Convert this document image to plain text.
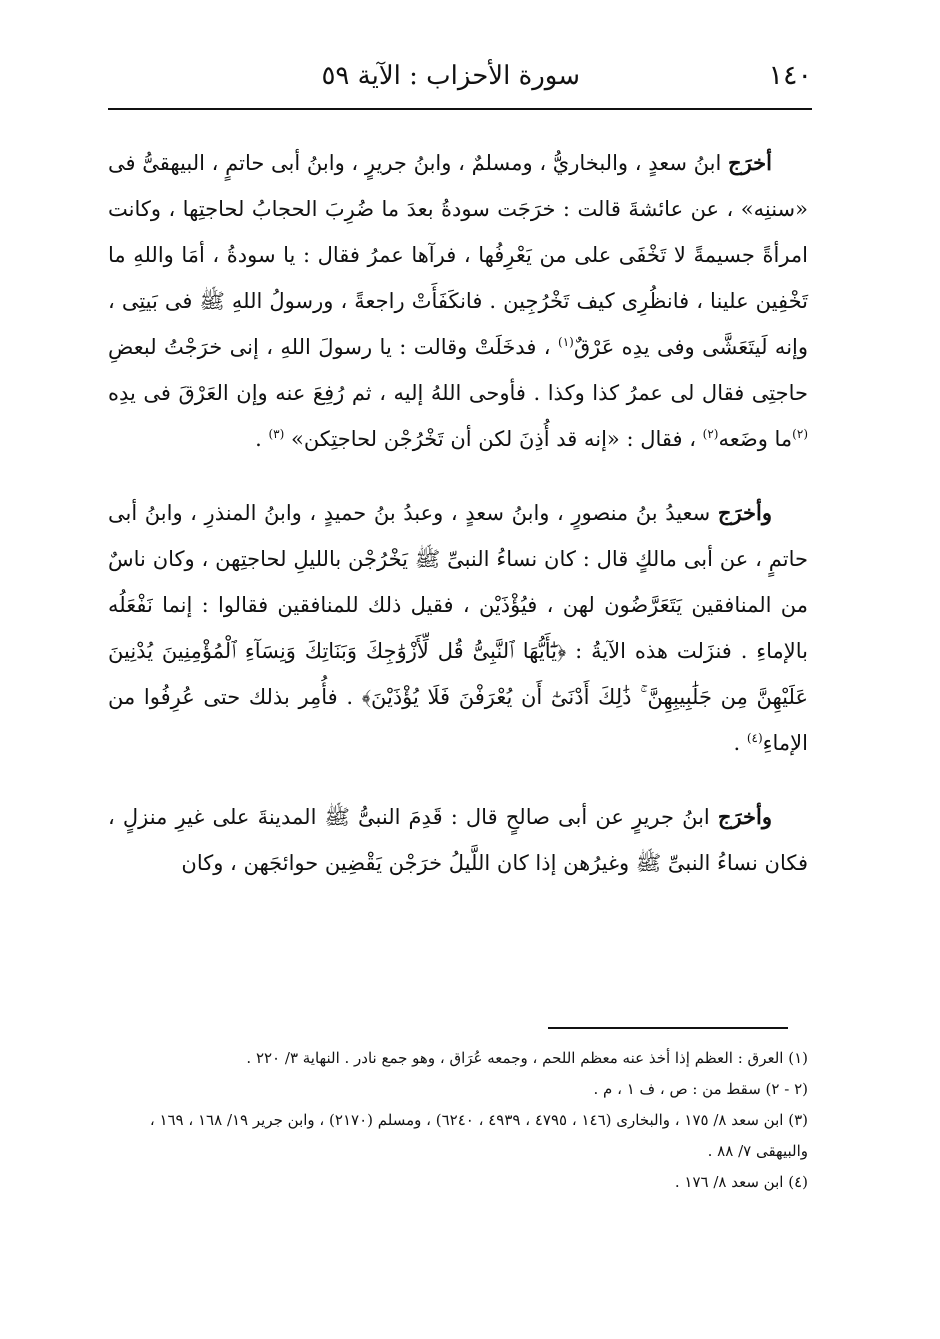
١٤٠
سورة الأحزاب : الآية ٥٩

أخرَج ابنُ سعدٍ ، والبخاريُّ ، ومسلمٌ ، وابنُ جريرٍ ، وابنُ أبى حاتمٍ ، البيهقىُّ فى «سننِه» ، عن عائشةَ قالت : خرَجَت سودةُ بعدَ ما ضُرِبَ الحجابُ لحاجتِها ، وكانت امرأةً جسيمةً لا تَخْفَى على من يَعْرِفُها ، فرآها عمرُ فقال : يا سودةُ ، أمَا واللهِ ما تَخْفِين علينا ، فانظُرِى كيف تَخْرُجِين . فانكَفَأَتْ راجعةً ، ورسولُ اللهِ ﷺ فى بَيتِى ، وإنه لَيتَعَشَّى وفى يدِه عَرْقٌ$^{(١)}$ ، فدخَلَتْ وقالت : يا رسولَ اللهِ ، إنى خرَجْتُ لبعضِ حاجتِى فقال لى عمرُ كذا وكذا . فأوحى اللهُ إليه ، ثم رُفِعَ عنه وإن العَرْقَ فى يدِه $^{(٢)}$ما وضَعه$^{(٢)}$ ، فقال : «إنه قد أُذِنَ لكن أن تَخْرُجْن لحاجتِكن» $^{(٣)}$ .

وأخرَج سعيدُ بنُ منصورٍ ، وابنُ سعدٍ ، وعبدُ بنُ حميدٍ ، وابنُ المنذرِ ، وابنُ أبى حاتمٍ ، عن أبى مالكٍ قال : كان نساءُ النبىِّ ﷺ يَخْرُجْن بالليلِ لحاجتِهن ، وكان ناسٌ من المنافقين يَتَعَرَّضُون لهن ، فيُؤْذَيْن ، فقيل ذلك للمنافقين فقالوا : إنما نَفْعَلُه بالإماءِ . فنزَلت هذه الآيةُ : ﴿يَٰٓأَيُّهَا ٱلنَّبِىُّ قُل لِّأَزْوَٰجِكَ وَبَنَاتِكَ وَنِسَآءِ ٱلْمُؤْمِنِينَ يُدْنِينَ عَلَيْهِنَّ مِن جَلَٰبِيبِهِنَّ ۚ ذَٰلِكَ أَدْنَىٰٓ أَن يُعْرَفْنَ فَلَا يُؤْذَيْنَ﴾ . فأُمِر بذلك حتى عُرِفُوا من الإماءِ$^{(٤)}$ .

وأخرَج ابنُ جريرٍ عن أبى صالحٍ قال : قَدِمَ النبىُّ ﷺ المدينةَ على غيرِ منزلٍ ، فكان نساءُ النبىِّ ﷺ وغيرُهن إذا كان اللَّيلُ خرَجْن يَقْضِين حوائجَهن ، وكان

(١) العرق : العظم إذا أخذ عنه معظم اللحم ، وجمعه عُرَاق ، وهو جمع نادر . النهاية ٣/ ٢٢٠ .

(٢ - ٢) سقط من : ص ، ف ١ ، م .

(٣) ابن سعد ٨/ ١٧٥ ، والبخارى (١٤٦ ، ٤٧٩٥ ، ٤٩٣٩ ، ٦٢٤٠) ، ومسلم (٢١٧٠) ، وابن جرير ١٩/ ١٦٨ ، ١٦٩ ، والبيهقى ٧/ ٨٨ .

(٤) ابن سعد ٨/ ١٧٦ .
